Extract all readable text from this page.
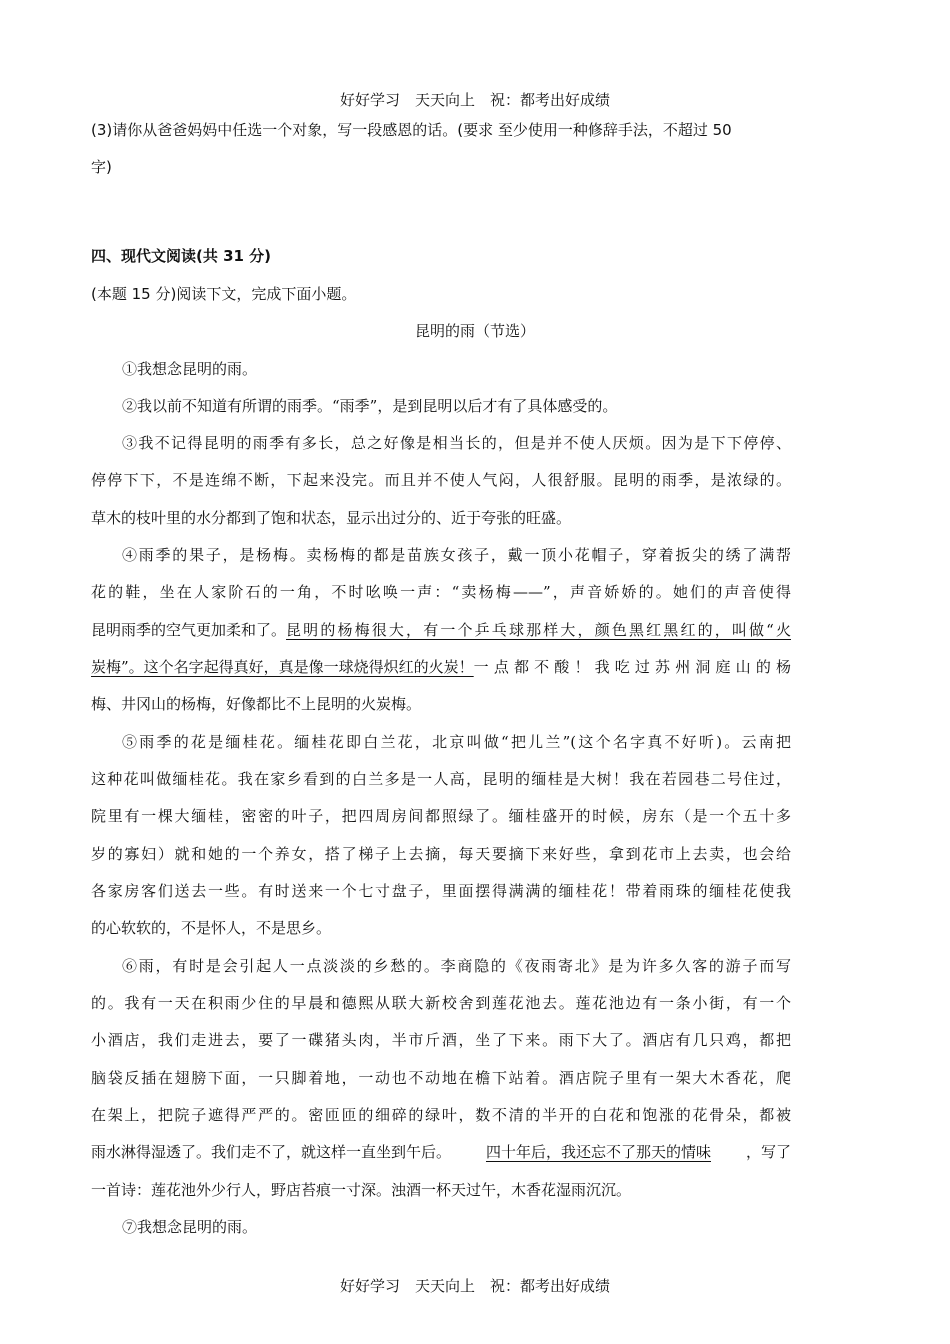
好好学习　天天向上　祝：都考出好成绩
(3)请你从爸爸妈妈中任选一个对象，写一段感恩的话。(要求 至少使用一种修辞手法，不超过 50
字)
四、现代文阅读(共 31 分)
(本题 15 分)阅读下文，完成下面小题。
昆明的雨（节选）
①我想念昆明的雨。
②我以前不知道有所谓的雨季。“雨季”，是到昆明以后才有了具体感受的。
③我不记得昆明的雨季有多长，总之好像是相当长的，但是并不使人厌烦。因为是下下停停、
停停下下，不是连绵不断，下起来没完。而且并不使人气闷，人很舒服。昆明的雨季，是浓绿的。
草木的枝叶里的水分都到了饱和状态，显示出过分的、近于夸张的旺盛。
④雨季的果子，是杨梅。卖杨梅的都是苗族女孩子，戴一顶小花帽子，穿着扳尖的绣了满帮
花的鞋，坐在人家阶石的一角，不时吆唤一声：“卖杨梅——”，声音娇娇的。她们的声音使得
昆明雨季的空气更加柔和了。 昆明的杨梅很大，有一个乒乓球那样大，颜色黑红黑红的，叫做“火
炭梅”。这个名字起得真好，真是像一球烧得炽红的火炭！ 一点都不酸！我吃过苏州洞庭山的杨
梅、井冈山的杨梅，好像都比不上昆明的火炭梅。
⑤雨季的花是缅桂花。缅桂花即白兰花，北京叫做“把儿兰”(这个名字真不好听)。云南把
这种花叫做缅桂花。我在家乡看到的白兰多是一人高，昆明的缅桂是大树！我在若园巷二号住过，
院里有一棵大缅桂，密密的叶子，把四周房间都照绿了。缅桂盛开的时候，房东（是一个五十多
岁的寡妇）就和她的一个养女，搭了梯子上去摘，每天要摘下来好些，拿到花市上去卖，也会给
各家房客们送去一些。有时送来一个七寸盘子，里面摆得满满的缅桂花！带着雨珠的缅桂花使我
的心软软的，不是怀人，不是思乡。
⑥雨，有时是会引起人一点淡淡的乡愁的。李商隐的《夜雨寄北》是为许多久客的游子而写
的。我有一天在积雨少住的早晨和德熙从联大新校舍到莲花池去。莲花池边有一条小街，有一个
小酒店，我们走进去，要了一碟猪头肉，半市斤酒，坐了下来。雨下大了。酒店有几只鸡，都把
脑袋反插在翅膀下面，一只脚着地，一动也不动地在檐下站着。酒店院子里有一架大木香花，爬
在架上，把院子遮得严严的。密匝匝的细碎的绿叶，数不清的半开的白花和饱涨的花骨朵，都被
雨水淋得湿透了。我们走不了，就这样一直坐到午后。 四十年后，我还忘不了那天的情味 ，写了
一首诗：莲花池外少行人，野店苔痕一寸深。浊酒一杯天过午，木香花湿雨沉沉。
⑦我想念昆明的雨。
好好学习　天天向上　祝：都考出好成绩
